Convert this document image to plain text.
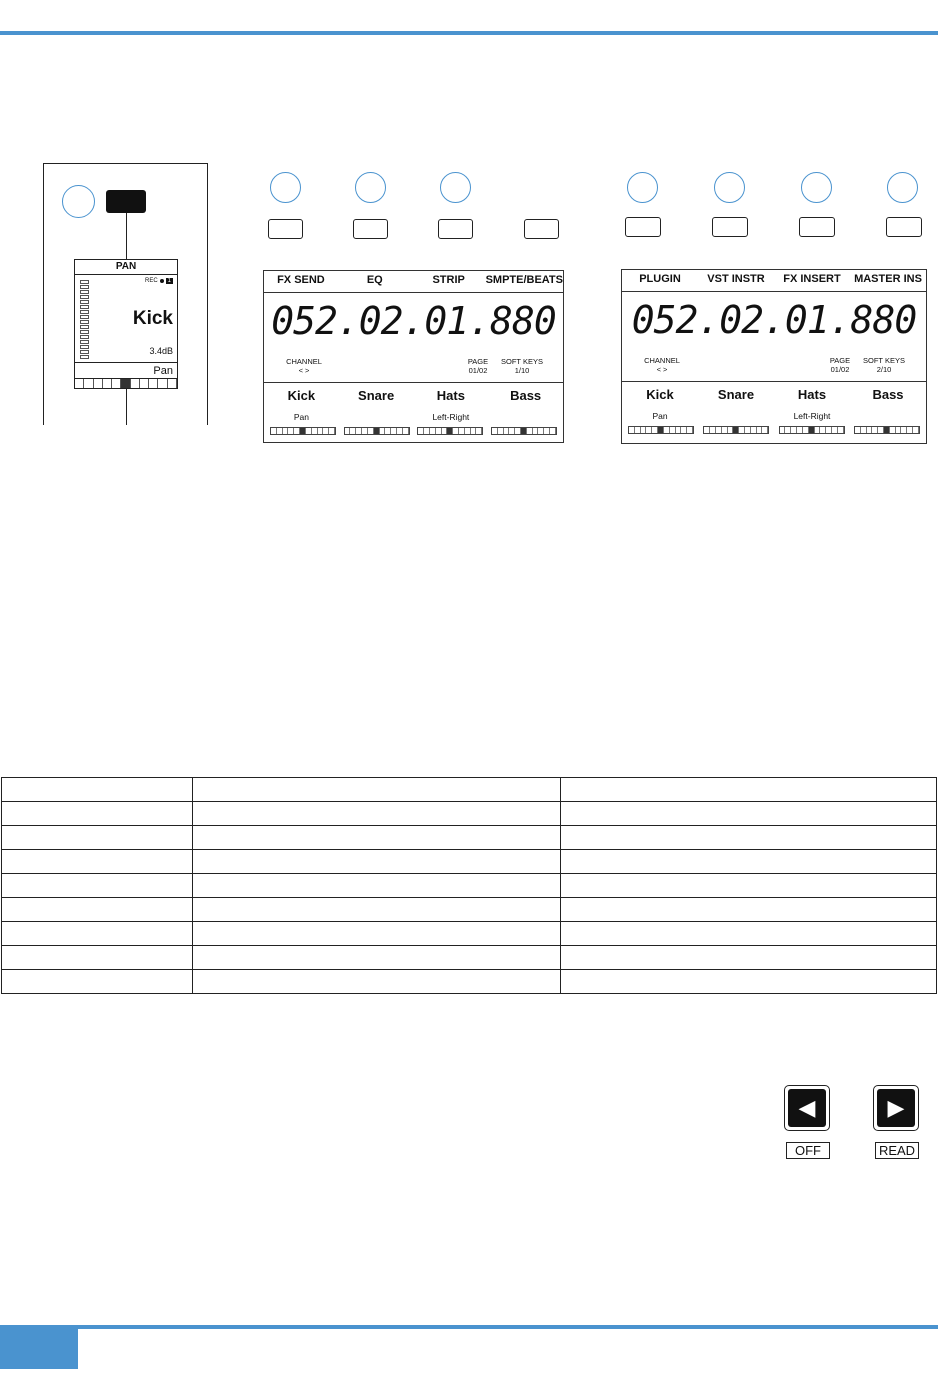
PAN
REC	1
Kick
3.4dB
Pan
FX SEND	EQ	STRIP	SMPTE/BEATS
052.02.01.880
CHANNEL
< >
PAGE
01/02
SOFT KEYS
1/10
Kick	Snare	Hats	Bass
Pan	Left-Right
PLUGIN	VST INSTR	FX INSERT	MASTER INS
052.02.01.880
CHANNEL
< >
PAGE
01/02
SOFT KEYS
2/10
Kick	Snare	Hats	Bass
Pan	Left-Right

◀	▶
OFF	READ
